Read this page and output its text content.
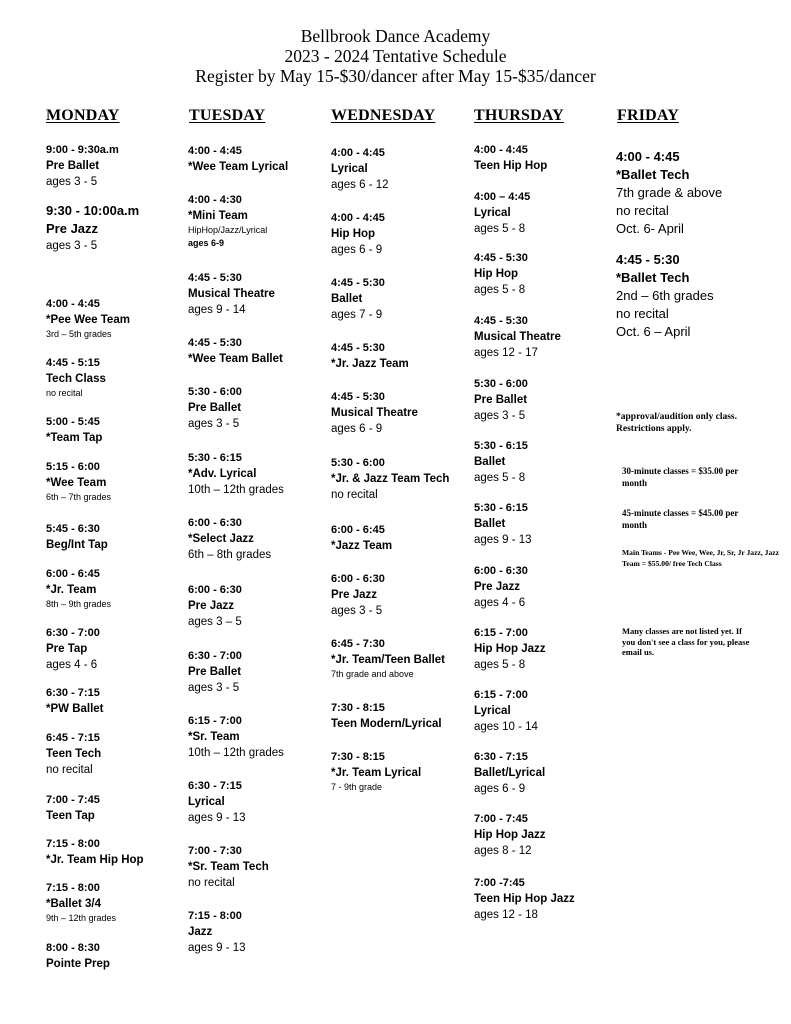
Bellbrook Dance Academy
2023 - 2024 Tentative Schedule
Register by May 15-$30/dancer after May 15-$35/dancer
MONDAY	TUESDAY	WEDNESDAY THURSDAY	FRIDAY
9:00 - 9:30a.m
Pre Ballet
ages 3 - 5
9:30 - 10:00a.m
Pre Jazz
ages 3 - 5
4:00 - 4:45
*Pee Wee Team
3rd – 5th grades
4:45 - 5:15
Tech Class
no recital
5:00 - 5:45
*Team Tap
5:15 - 6:00
*Wee Team
6th – 7th grades
5:45 - 6:30
Beg/Int Tap
6:00 - 6:45
*Jr. Team
8th – 9th grades
6:30 - 7:00
Pre Tap
ages 4 - 6
6:30 - 7:15
*PW Ballet
6:45 - 7:15
Teen Tech
no recital
7:00 - 7:45
Teen Tap
7:15 - 8:00
*Jr. Team Hip Hop
7:15 - 8:00
*Ballet 3/4
9th – 12th grades
8:00 - 8:30
Pointe Prep
4:00 - 4:45
*Wee Team Lyrical
4:00 - 4:30
*Mini Team
HipHop/Jazz/Lyrical
ages 6-9
4:45 - 5:30
Musical Theatre
ages 9 - 14
4:45 - 5:30
*Wee Team Ballet
5:30 - 6:00
Pre Ballet
ages 3 - 5
5:30 - 6:15
*Adv. Lyrical
10th – 12th grades
6:00 - 6:30
*Select Jazz
6th – 8th grades
6:00 - 6:30
Pre Jazz
ages 3 – 5
6:30 - 7:00
Pre Ballet
ages 3 - 5
6:15 - 7:00
*Sr. Team
10th – 12th grades
6:30 - 7:15
Lyrical
ages 9 - 13
7:00 - 7:30
*Sr. Team Tech
no recital
7:15 - 8:00
Jazz
ages 9 - 13
4:00 - 4:45
Lyrical
ages 6 - 12
4:00 - 4:45
Hip Hop
ages 6 - 9
4:45 - 5:30
Ballet
ages 7 - 9
4:45 - 5:30
*Jr. Jazz Team
4:45 - 5:30
Musical Theatre
ages 6 - 9
5:30 - 6:00
*Jr. & Jazz Team Tech
no recital
6:00 - 6:45
*Jazz Team
6:00 - 6:30
Pre Jazz
ages 3 - 5
6:45 - 7:30
*Jr. Team/Teen Ballet
7th grade and above
7:30 - 8:15
Teen Modern/Lyrical
7:30 - 8:15
*Jr. Team Lyrical
7 - 9th grade
4:00 - 4:45
Teen Hip Hop
4:00 – 4:45
Lyrical
ages 5 - 8
4:45 - 5:30
Hip Hop
ages 5 - 8
4:45 - 5:30
Musical Theatre
ages 12 - 17
5:30 - 6:00
Pre Ballet
ages 3 - 5
5:30 - 6:15
Ballet
ages 5 - 8
5:30 - 6:15
Ballet
ages 9 - 13
6:00 - 6:30
Pre Jazz
ages 4 - 6
6:15 - 7:00
Hip Hop Jazz
ages 5 - 8
6:15 - 7:00
Lyrical
ages 10 - 14
6:30 - 7:15
Ballet/Lyrical
ages 6 - 9
7:00 - 7:45
Hip Hop Jazz
ages 8 - 12
7:00 -7:45
Teen Hip Hop Jazz
ages 12 - 18
4:00 - 4:45
*Ballet Tech
7th grade & above
no recital
Oct. 6- April
4:45 - 5:30
*Ballet Tech
2nd – 6th grades
no recital
Oct. 6 – April
*approval/audition only class. Restrictions apply.
30-minute classes = $35.00 per month
45-minute classes = $45.00 per month
Main Teams - Pee Wee, Wee, Jr, Sr, Jr Jazz, Jazz Team = $55.00/ free Tech Class
Many classes are not listed yet. If you don't see a class for you, please email us.
